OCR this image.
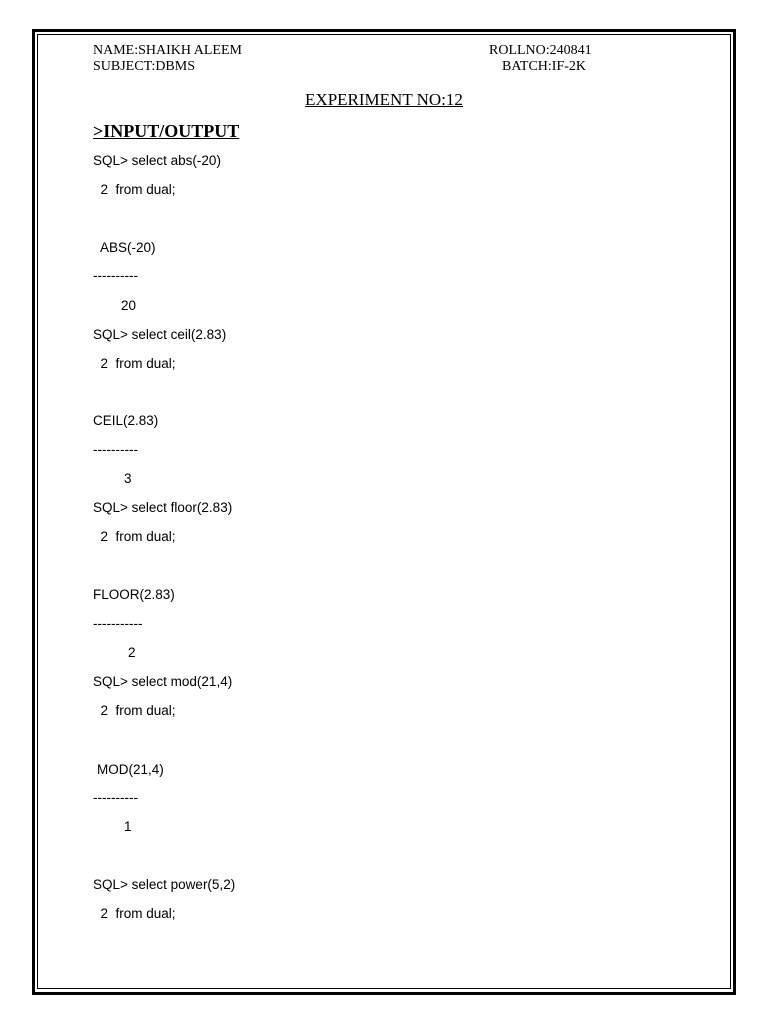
NAME:SHAIKH ALEEM	ROLLNO:240841
SUBJECT:DBMS	BATCH:IF-2K
EXPERIMENT NO:12
>INPUT/OUTPUT
SQL> select abs(-20)
2  from dual;
ABS(-20)
----------
20
SQL> select ceil(2.83)
2  from dual;
CEIL(2.83)
----------
3
SQL> select floor(2.83)
2  from dual;
FLOOR(2.83)
-----------
2
SQL> select mod(21,4)
2  from dual;
MOD(21,4)
----------
1
SQL> select power(5,2)
2  from dual;
